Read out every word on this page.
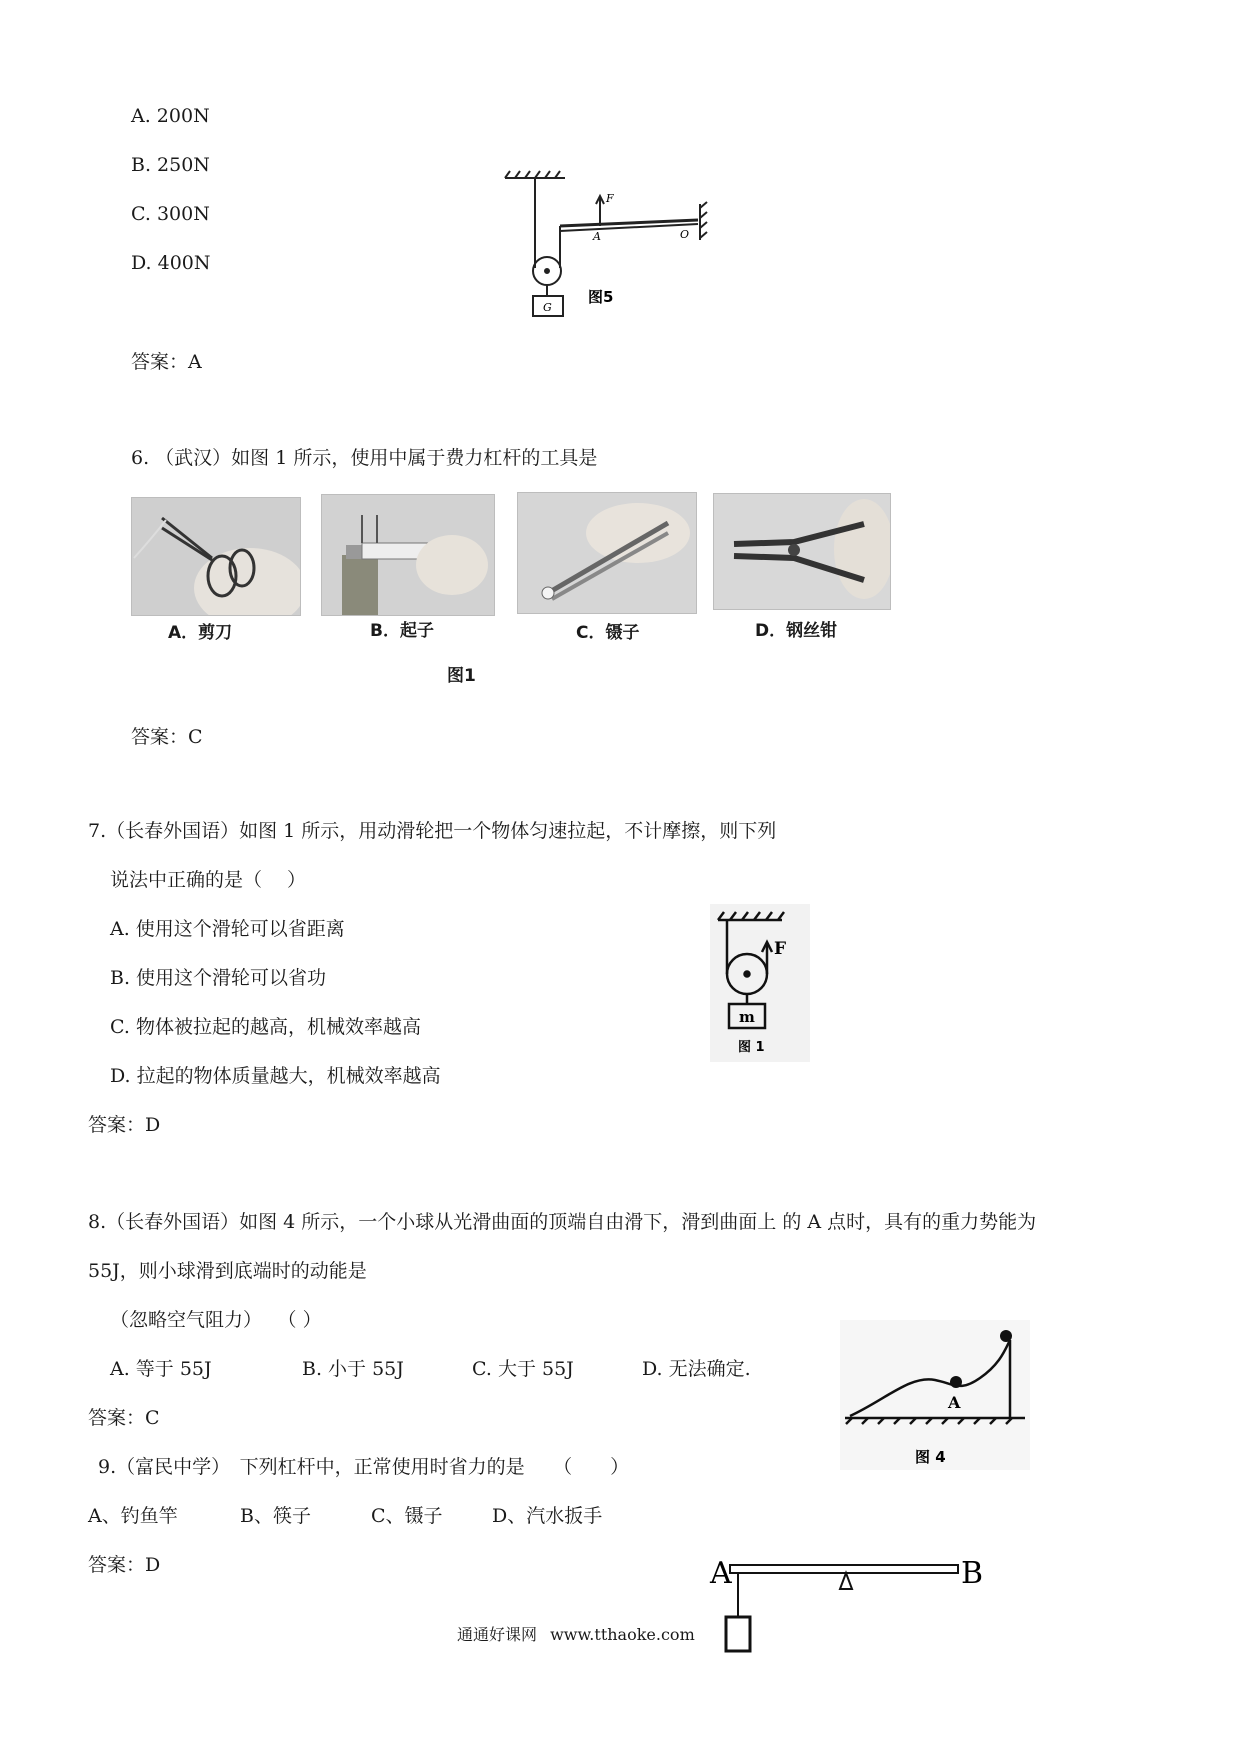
A. 200N
B. 250N
C. 300N
D. 400N
F
A	O
G
图5
答案：A
6. （武汉）如图 1 所示，使用中属于费力杠杆的工具是
A．剪刀	B．起子	C．镊子	D．钢丝钳
图1
答案：C
7.（长春外国语）如图 1 所示，用动滑轮把一个物体匀速拉起，不计摩擦，则下列
说法中正确的是（　 ）
A. 使用这个滑轮可以省距离
B. 使用这个滑轮可以省功
C. 物体被拉起的越高，机械效率越高
D. 拉起的物体质量越大，机械效率越高
F
m
图 1
答案：D
8.（长春外国语）如图 4 所示，一个小球从光滑曲面的顶端自由滑下，滑到曲面上 的 A 点时，具有的重力势能为
55J，则小球滑到底端时的动能是
（忽略空气阻力）　 （ ）
A. 等于 55J	B. 小于 55J	C. 大于 55J	D. 无法确定.
A
图 4
答案：C
9.（富民中学）　下列杠杆中，正常使用时省力的是　　（　　）
A、钓鱼竿	B、筷子	C、镊子	D、汽水扳手
答案：D	A	B
通通好课网 www.tthaoke.com
